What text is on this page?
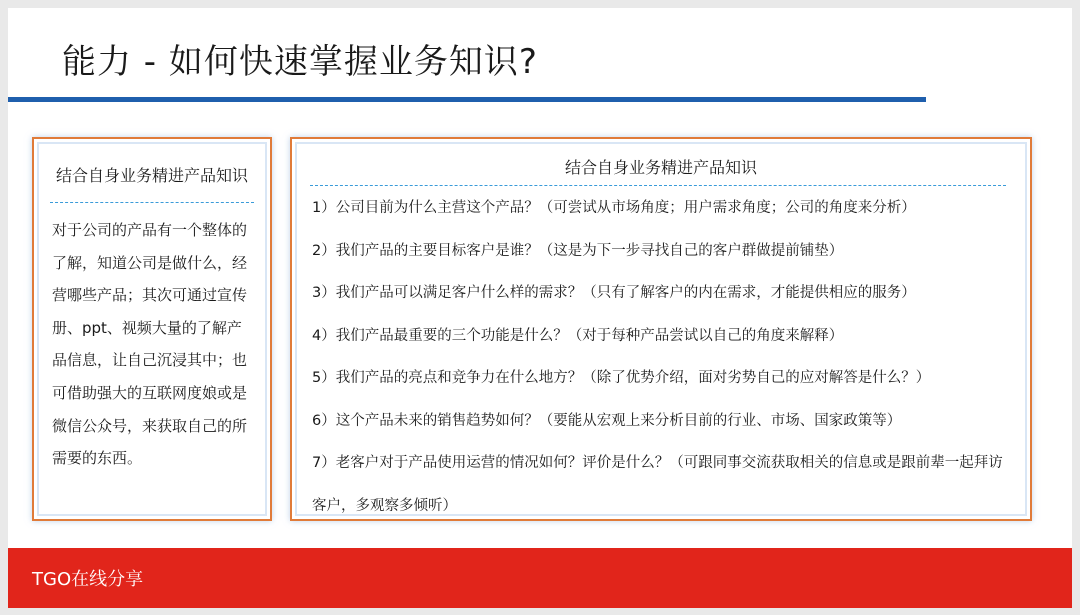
能力 - 如何快速掌握业务知识?
结合自身业务精进产品知识
对于公司的产品有一个整体的了解，知道公司是做什么，经营哪些产品；其次可通过宣传册、ppt、视频大量的了解产品信息，让自己沉浸其中；也可借助强大的互联网度娘或是微信公众号，来获取自己的所需要的东西。
结合自身业务精进产品知识
1）公司目前为什么主营这个产品？（可尝试从市场角度；用户需求角度；公司的角度来分析）
2）我们产品的主要目标客户是谁？（这是为下一步寻找自己的客户群做提前铺垫）
3）我们产品可以满足客户什么样的需求？（只有了解客户的内在需求，才能提供相应的服务）
4）我们产品最重要的三个功能是什么？（对于每种产品尝试以自己的角度来解释）
5）我们产品的亮点和竞争力在什么地方？（除了优势介绍，面对劣势自己的应对解答是什么？）
6）这个产品未来的销售趋势如何？（要能从宏观上来分析目前的行业、市场、国家政策等）
7）老客户对于产品使用运营的情况如何？评价是什么？（可跟同事交流获取相关的信息或是跟前辈一起拜访客户，多观察多倾听）
TGO在线分享
